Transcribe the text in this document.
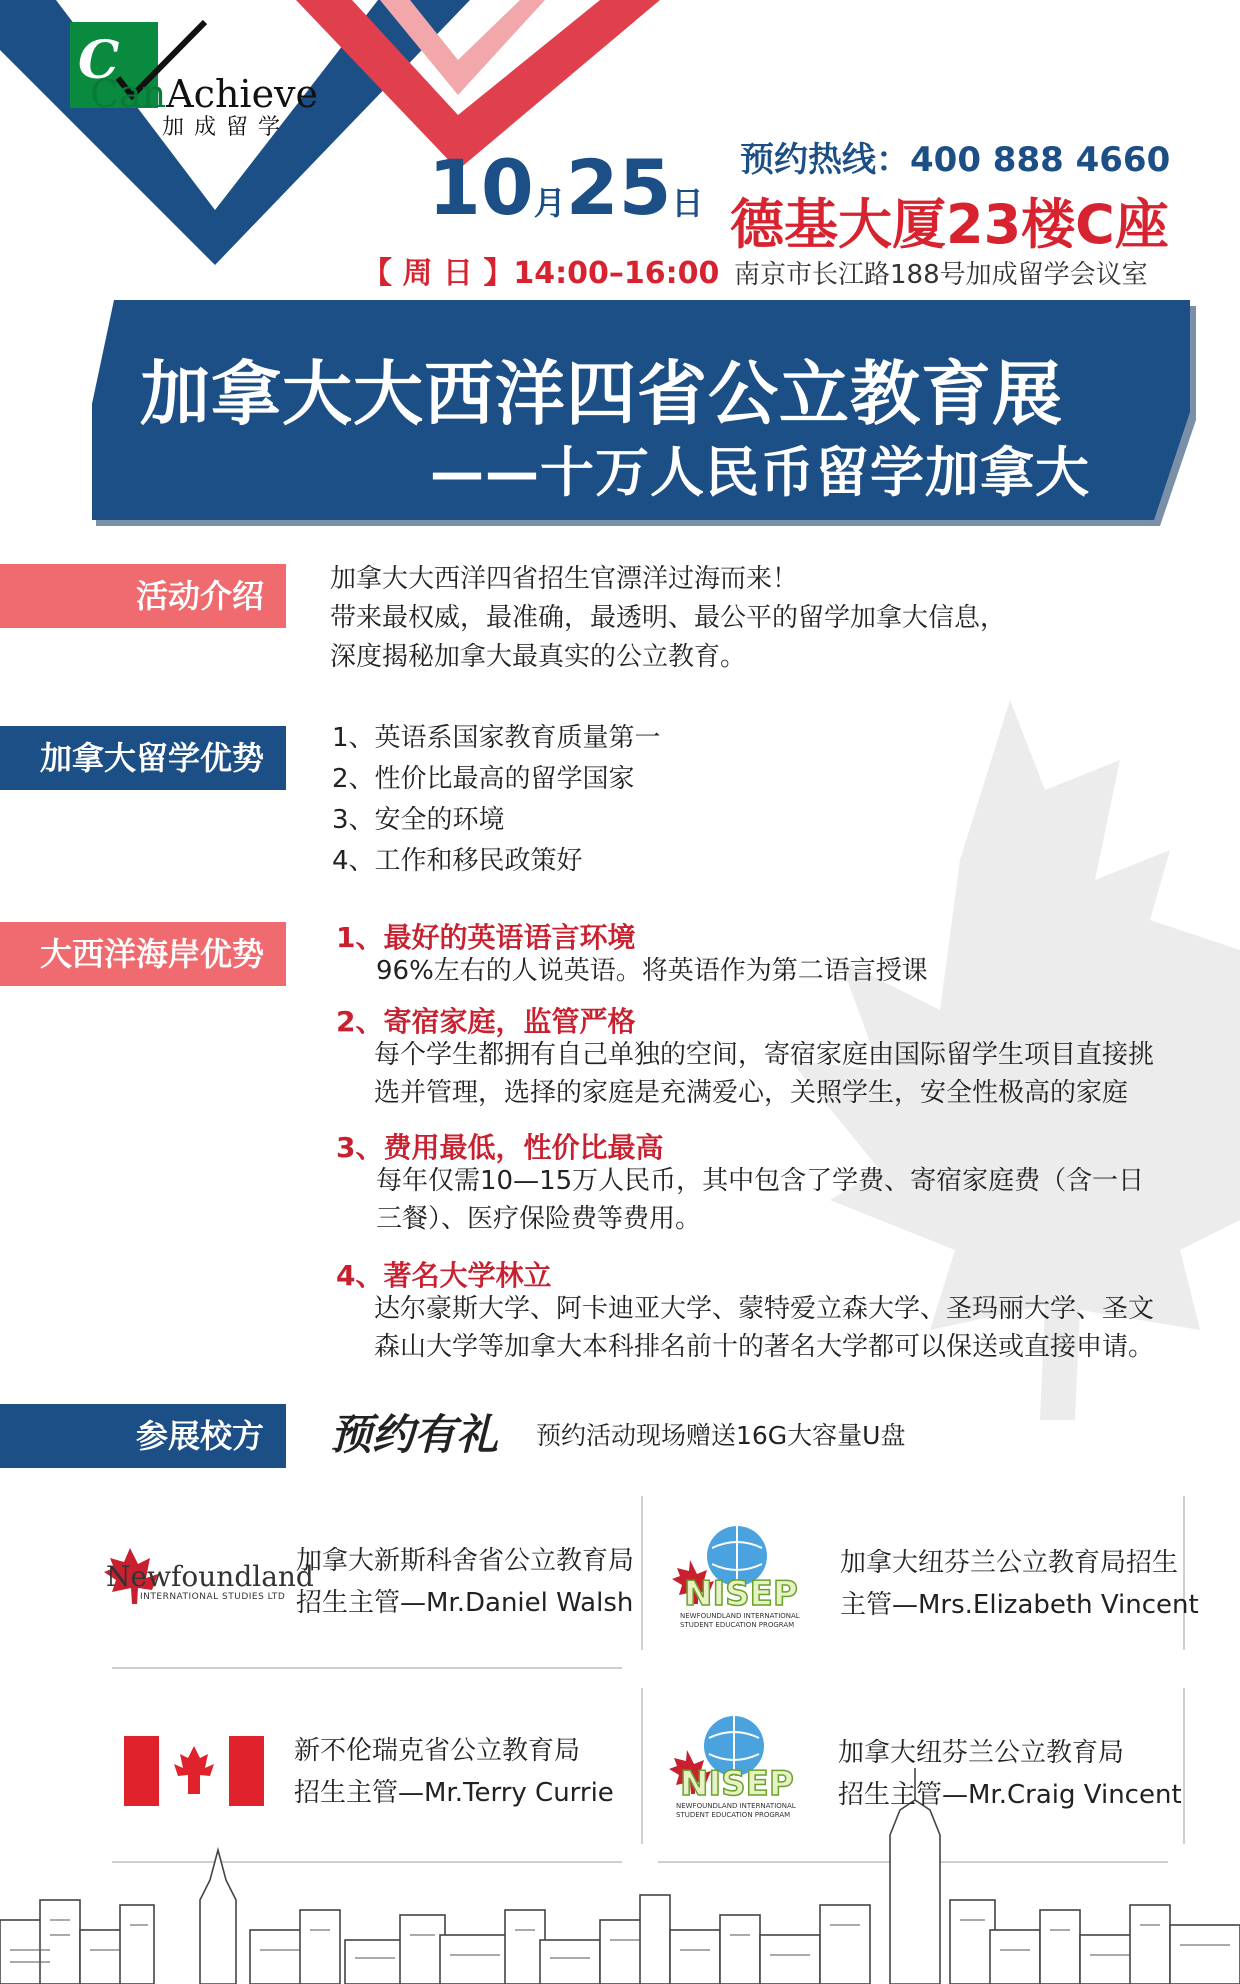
C
CanAchieve
加成留学
10月25日
【 周 日 】14:00–16:00
预约热线：400 888 4660
德基大厦23楼C座
南京市长江路188号加成留学会议室
加拿大大西洋四省公立教育展
——十万人民币留学加拿大
活动介绍	加拿大大西洋四省招生官漂洋过海而来！
带来最权威，最准确，最透明、最公平的留学加拿大信息，
深度揭秘加拿大最真实的公立教育。
加拿大留学优势
1、英语系国家教育质量第一
2、性价比最高的留学国家
3、安全的环境
4、工作和移民政策好
大西洋海岸优势	1、最好的英语语言环境
96%左右的人说英语。将英语作为第二语言授课
2、寄宿家庭，监管严格
每个学生都拥有自己单独的空间，寄宿家庭由国际留学生项目直接挑
选并管理，选择的家庭是充满爱心，关照学生，安全性极高的家庭
3、费用最低，性价比最高
每年仅需10—15万人民币，其中包含了学费、寄宿家庭费（含一日
三餐）、医疗保险费等费用。
4、著名大学林立
达尔豪斯大学、阿卡迪亚大学、蒙特爱立森大学、圣玛丽大学、圣文
森山大学等加拿大本科排名前十的著名大学都可以保送或直接申请。
参展校方	预约有礼 预约活动现场赠送16G大容量U盘
Newfoundland
INTERNATIONAL STUDIES LTD
加拿大新斯科舍省公立教育局
招生主管—Mr.Daniel Walsh NISEP
NEWFOUNDLAND INTERNATIONAL
STUDENT EDUCATION PROGRAM
加拿大纽芬兰公立教育局招生
主管—Mrs.Elizabeth Vincent
新不伦瑞克省公立教育局
招生主管—Mr.Terry Currie NISEP
NEWFOUNDLAND INTERNATIONAL
STUDENT EDUCATION PROGRAM
加拿大纽芬兰公立教育局
招生主管—Mr.Craig Vincent
